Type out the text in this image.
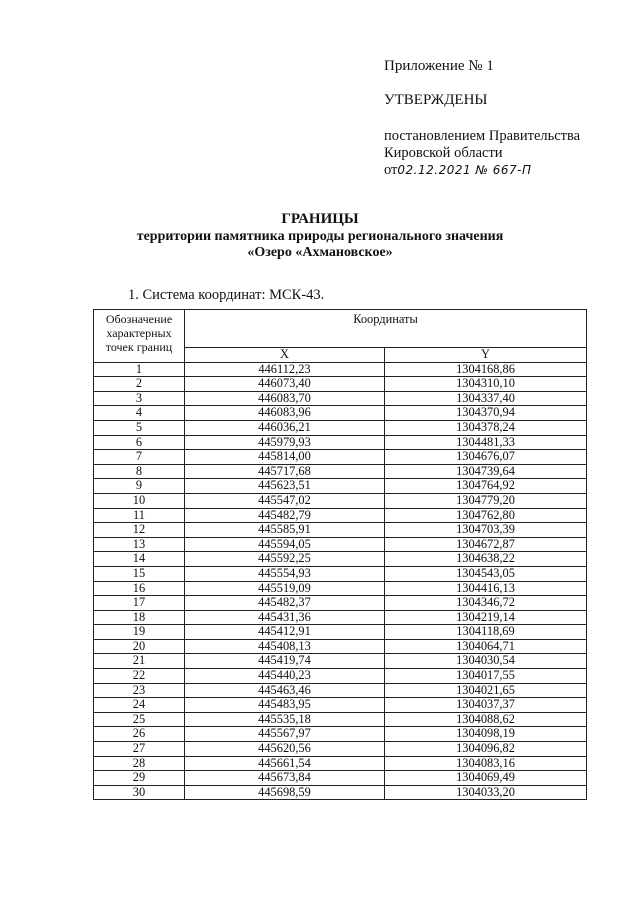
Приложение № 1
УТВЕРЖДЕНЫ
постановлением Правительства
Кировской области
от02.12.2021 № 667-П
ГРАНИЦЫ
территории памятника природы регионального значения
«Озеро «Ахмановское»
1. Система координат: МСК-43.
Обозначение характерных точек границ	Координаты	
	X	Y
1	446112,23	1304168,86
2	446073,40	1304310,10
3	446083,70	1304337,40
4	446083,96	1304370,94
5	446036,21	1304378,24
6	445979,93	1304481,33
7	445814,00	1304676,07
8	445717,68	1304739,64
9	445623,51	1304764,92
10	445547,02	1304779,20
11	445482,79	1304762,80
12	445585,91	1304703,39
13	445594,05	1304672,87
14	445592,25	1304638,22
15	445554,93	1304543,05
16	445519,09	1304416,13
17	445482,37	1304346,72
18	445431,36	1304219,14
19	445412,91	1304118,69
20	445408,13	1304064,71
21	445419,74	1304030,54
22	445440,23	1304017,55
23	445463,46	1304021,65
24	445483,95	1304037,37
25	445535,18	1304088,62
26	445567,97	1304098,19
27	445620,56	1304096,82
28	445661,54	1304083,16
29	445673,84	1304069,49
30	445698,59	1304033,20
